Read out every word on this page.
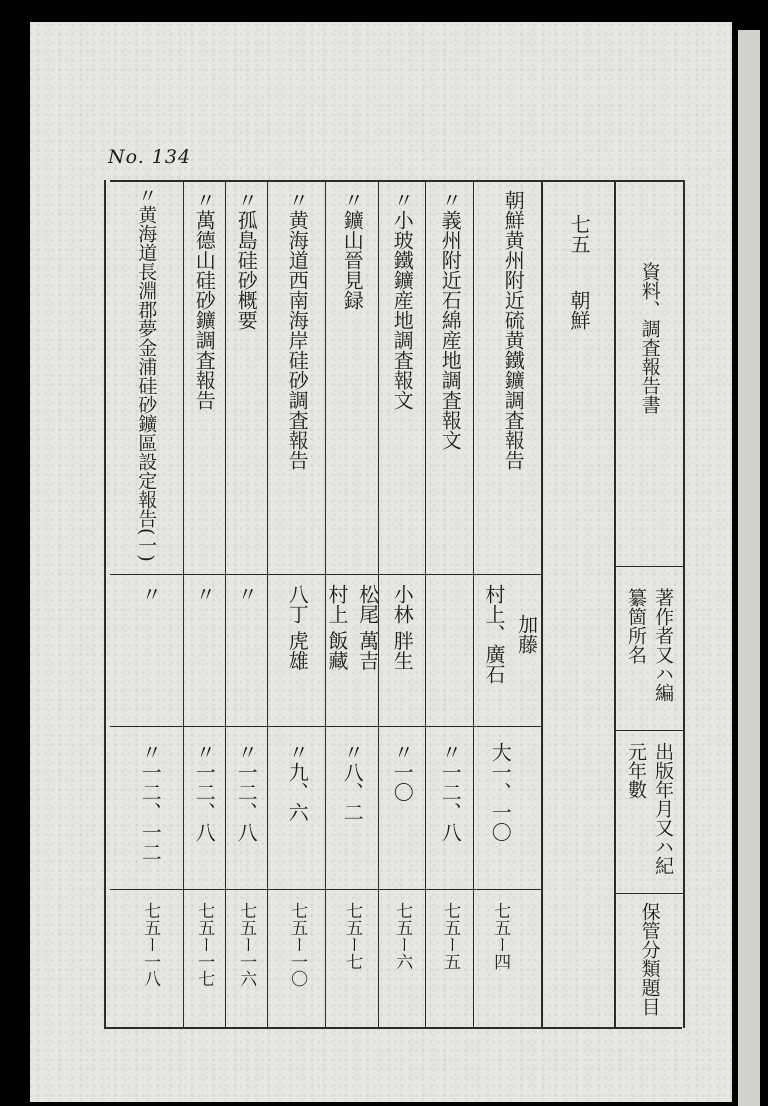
No. 134
資料、調査報告書
著作者又ハ編纂箇所名
出版年月又ハ紀元年數
保管分類題目
七五
朝鮮
朝鮮黄州附近硫黄鐵鑛調査報告
村上、廣石 加藤
大一、一〇
七五ー四
〃義州附近石綿産地調査報文
〃一二、八
七五ー五
〃小玻鐵鑛産地調査報文
小林 胖生
〃一〇
七五ー六
〃鑛山晉見録
村上 飯藏 松尾 萬吉
〃八、二
七五ー七
〃黄海道西南海岸硅砂調査報告
八丁 虎雄
〃九、六
七五ー一〇
〃孤島硅砂概要
〃
〃一二、八
七五ー一六
〃萬德山硅砂鑛調査報告
〃
〃一二、八
七五ー一七
〃黄海道長淵郡夢金浦硅砂鑛區設定報告(一)
〃
〃一二、一二
七五ー一八
